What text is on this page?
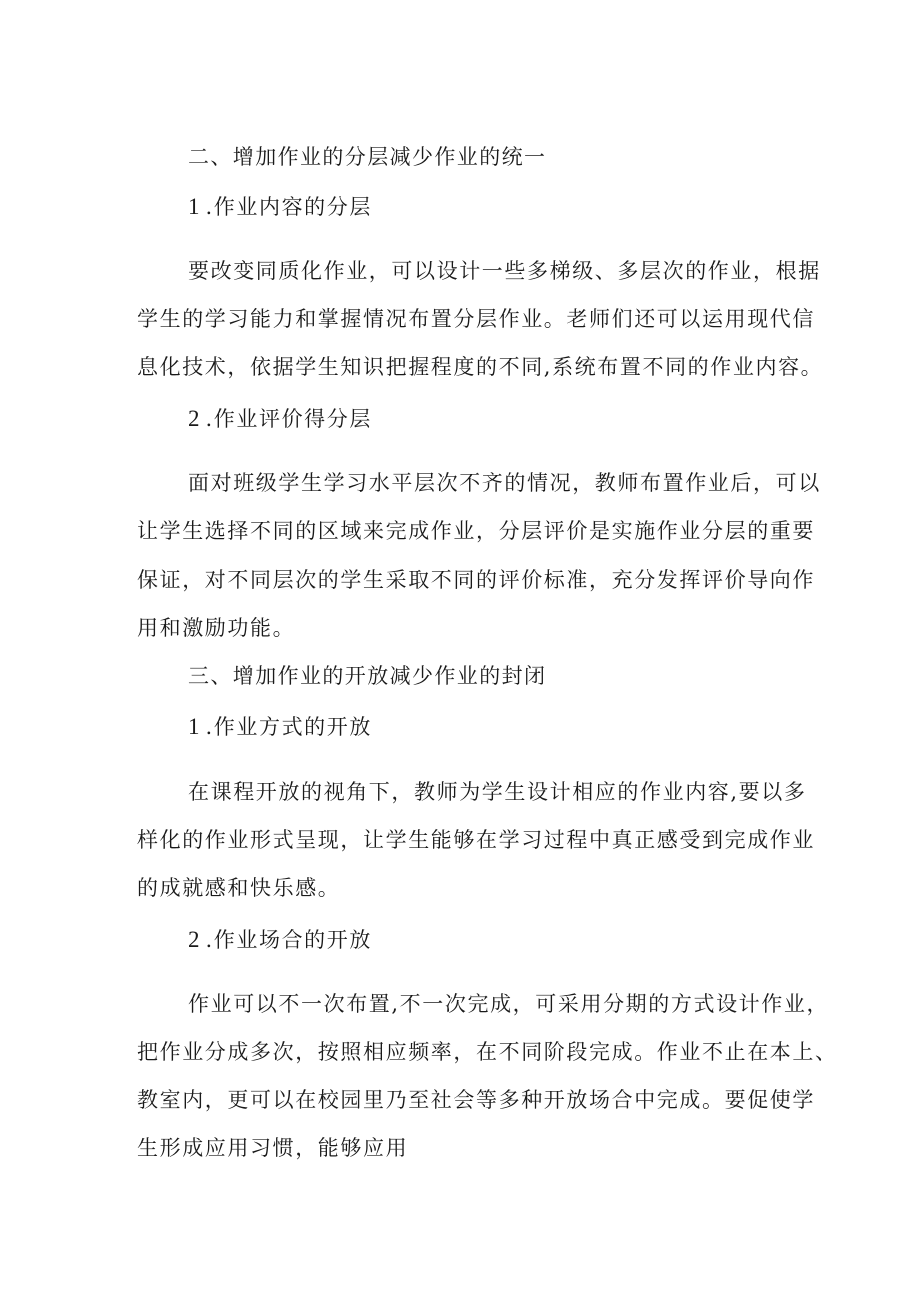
二、增加作业的分层减少作业的统一
1 .作业内容的分层
要改变同质化作业，可以设计一些多梯级、多层次的作业，根据
学生的学习能力和掌握情况布置分层作业。老师们还可以运用现代信
息化技术，依据学生知识把握程度的不同,系统布置不同的作业内容。
2 .作业评价得分层
面对班级学生学习水平层次不齐的情况，教师布置作业后，可以
让学生选择不同的区域来完成作业，分层评价是实施作业分层的重要
保证，对不同层次的学生采取不同的评价标准，充分发挥评价导向作
用和激励功能。
三、增加作业的开放减少作业的封闭
1 .作业方式的开放
在课程开放的视角下，教师为学生设计相应的作业内容,要以多
样化的作业形式呈现，让学生能够在学习过程中真正感受到完成作业
的成就感和快乐感。
2 .作业场合的开放
作业可以不一次布置,不一次完成，可采用分期的方式设计作业，
把作业分成多次，按照相应频率，在不同阶段完成。作业不止在本上、
教室内，更可以在校园里乃至社会等多种开放场合中完成。要促使学
生形成应用习惯，能够应用
